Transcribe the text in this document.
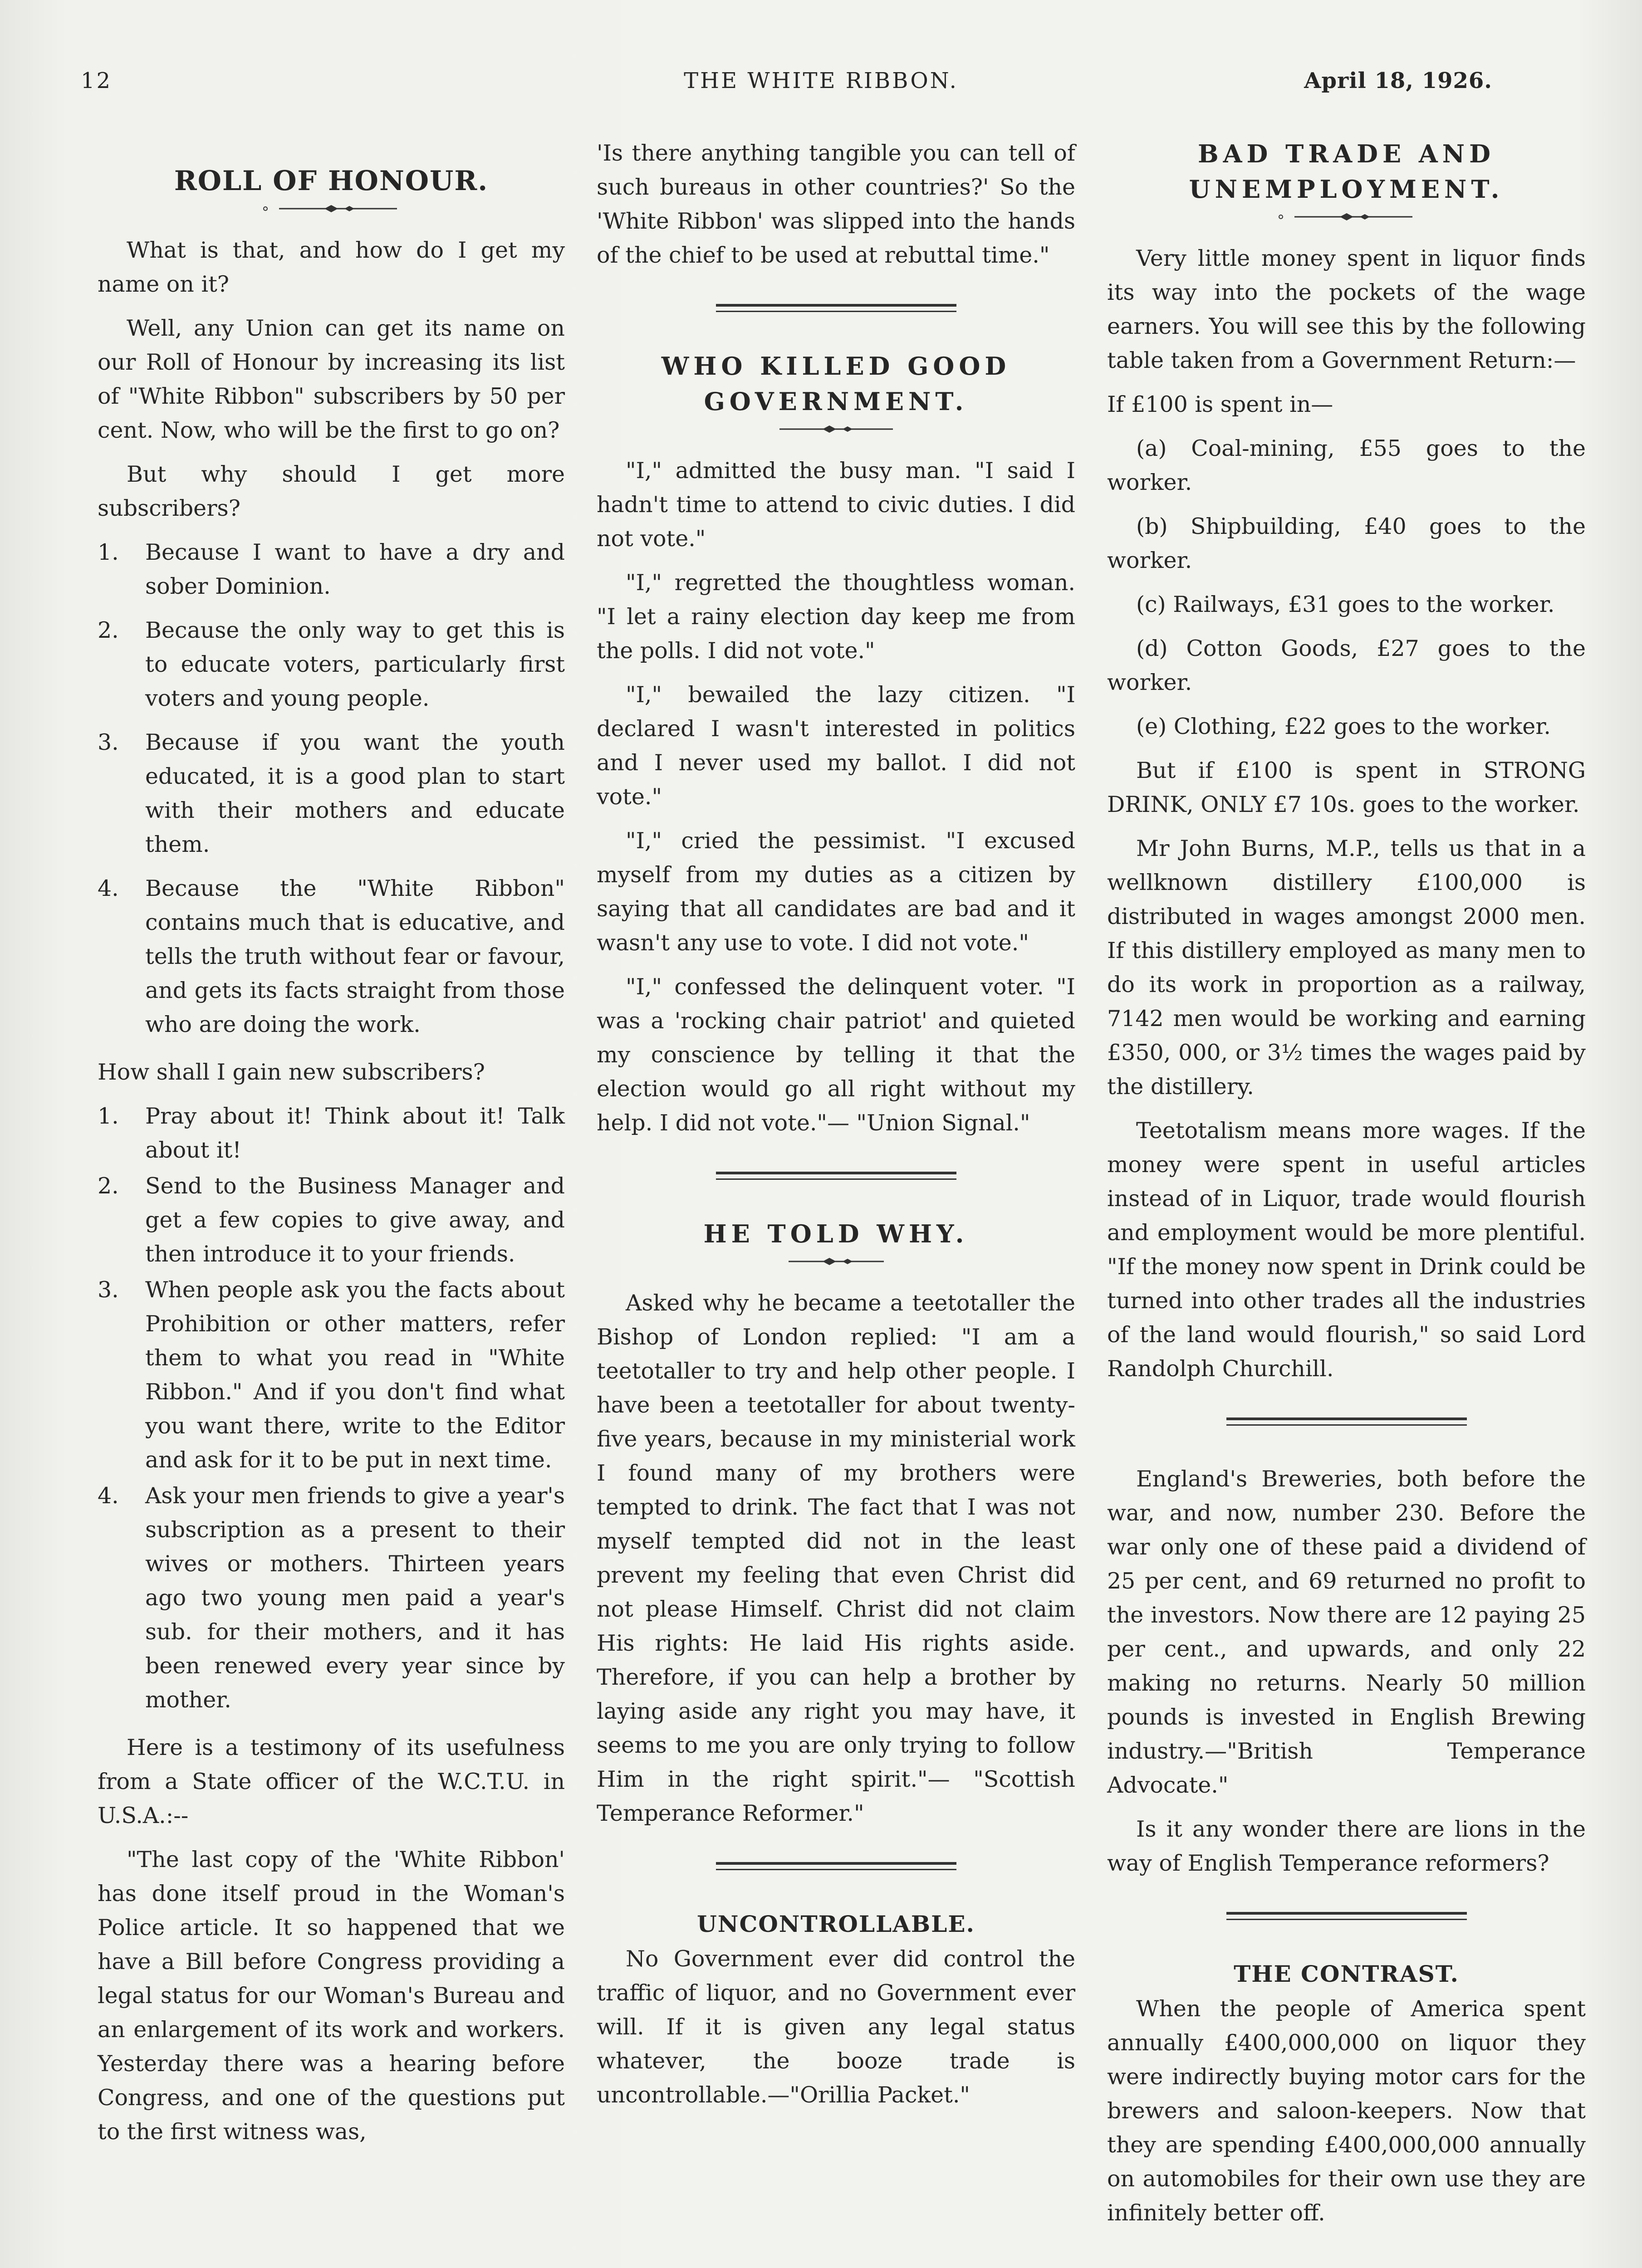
12	THE WHITE RIBBON.	April 18, 1926.
ROLL OF HONOUR.

What is that, and how do I get my name on it?

Well, any Union can get its name on our Roll of Honour by increasing its list of "White Ribbon" subscribers by 50 per cent. Now, who will be the first to go on?

But why should I get more subscribers?

1. Because I want to have a dry and sober Dominion.
2. Because the only way to get this is to educate voters, particularly first voters and young people.
3. Because if you want the youth educated, it is a good plan to start with their mothers and educate them.
4. Because the "White Ribbon" contains much that is educative, and tells the truth without fear or favour, and gets its facts straight from those who are doing the work.

How shall I gain new subscribers?

1. Pray about it! Think about it! Talk about it!
2. Send to the Business Manager and get a few copies to give away, and then introduce it to your friends.
3. When people ask you the facts about Prohibition or other matters, refer them to what you read in "White Ribbon." And if you don't find what you want there, write to the Editor and ask for it to be put in next time.
4. Ask your men friends to give a year's subscription as a present to their wives or mothers. Thirteen years ago two young men paid a year's sub. for their mothers, and it has been renewed every year since by mother.

Here is a testimony of its usefulness from a State officer of the W.C.T.U. in U.S.A.:--

"The last copy of the 'White Ribbon' has done itself proud in the Woman's Police article. It so happened that we have a Bill before Congress providing a legal status for our Woman's Bureau and an enlargement of its work and workers. Yesterday there was a hearing before Congress, and one of the questions put to the first witness was,

'Is there anything tangible you can tell of such bureaus in other countries?' So the 'White Ribbon' was slipped into the hands of the chief to be used at rebuttal time."

WHO KILLED GOOD GOVERNMENT.

"I," admitted the busy man. "I said I hadn't time to attend to civic duties. I did not vote."

"I," regretted the thoughtless woman. "I let a rainy election day keep me from the polls. I did not vote."

"I," bewailed the lazy citizen. "I declared I wasn't interested in politics and I never used my ballot. I did not vote."

"I," cried the pessimist. "I excused myself from my duties as a citizen by saying that all candidates are bad and it wasn't any use to vote. I did not vote."

"I," confessed the delinquent voter. "I was a 'rocking chair patriot' and quieted my conscience by telling it that the election would go all right without my help. I did not vote."— "Union Signal."

HE TOLD WHY.

Asked why he became a teetotaller the Bishop of London replied: "I am a teetotaller to try and help other people. I have been a teetotaller for about twenty-five years, because in my ministerial work I found many of my brothers were tempted to drink. The fact that I was not myself tempted did not in the least prevent my feeling that even Christ did not please Himself. Christ did not claim His rights: He laid His rights aside. Therefore, if you can help a brother by laying aside any right you may have, it seems to me you are only trying to follow Him in the right spirit."— "Scottish Temperance Reformer."

UNCONTROLLABLE.

No Government ever did control the traffic of liquor, and no Government ever will. If it is given any legal status whatever, the booze trade is uncontrollable.—"Orillia Packet."

BAD TRADE AND UNEMPLOYMENT.

Very little money spent in liquor finds its way into the pockets of the wage earners. You will see this by the following table taken from a Government Return:—

If £100 is spent in—

(a) Coal-mining, £55 goes to the worker.

(b) Shipbuilding, £40 goes to the worker.

(c) Railways, £31 goes to the worker.

(d) Cotton Goods, £27 goes to the worker.

(e) Clothing, £22 goes to the worker.

But if £100 is spent in STRONG DRINK, ONLY £7 10s. goes to the worker.

Mr John Burns, M.P., tells us that in a wellknown distillery £100,000 is distributed in wages amongst 2000 men. If this distillery employed as many men to do its work in proportion as a railway, 7142 men would be working and earning £350, 000, or 3½ times the wages paid by the distillery.

Teetotalism means more wages. If the money were spent in useful articles instead of in Liquor, trade would flourish and employment would be more plentiful. "If the money now spent in Drink could be turned into other trades all the industries of the land would flourish," so said Lord Randolph Churchill.

England's Breweries, both before the war, and now, number 230. Before the war only one of these paid a dividend of 25 per cent, and 69 returned no profit to the investors. Now there are 12 paying 25 per cent., and upwards, and only 22 making no returns. Nearly 50 million pounds is invested in English Brewing industry.—"British Temperance Advocate."

Is it any wonder there are lions in the way of English Temperance reformers?

THE CONTRAST.

When the people of America spent annually £400,000,000 on liquor they were indirectly buying motor cars for the brewers and saloon-keepers. Now that they are spending £400,000,000 annually on automobiles for their own use they are infinitely better off.
